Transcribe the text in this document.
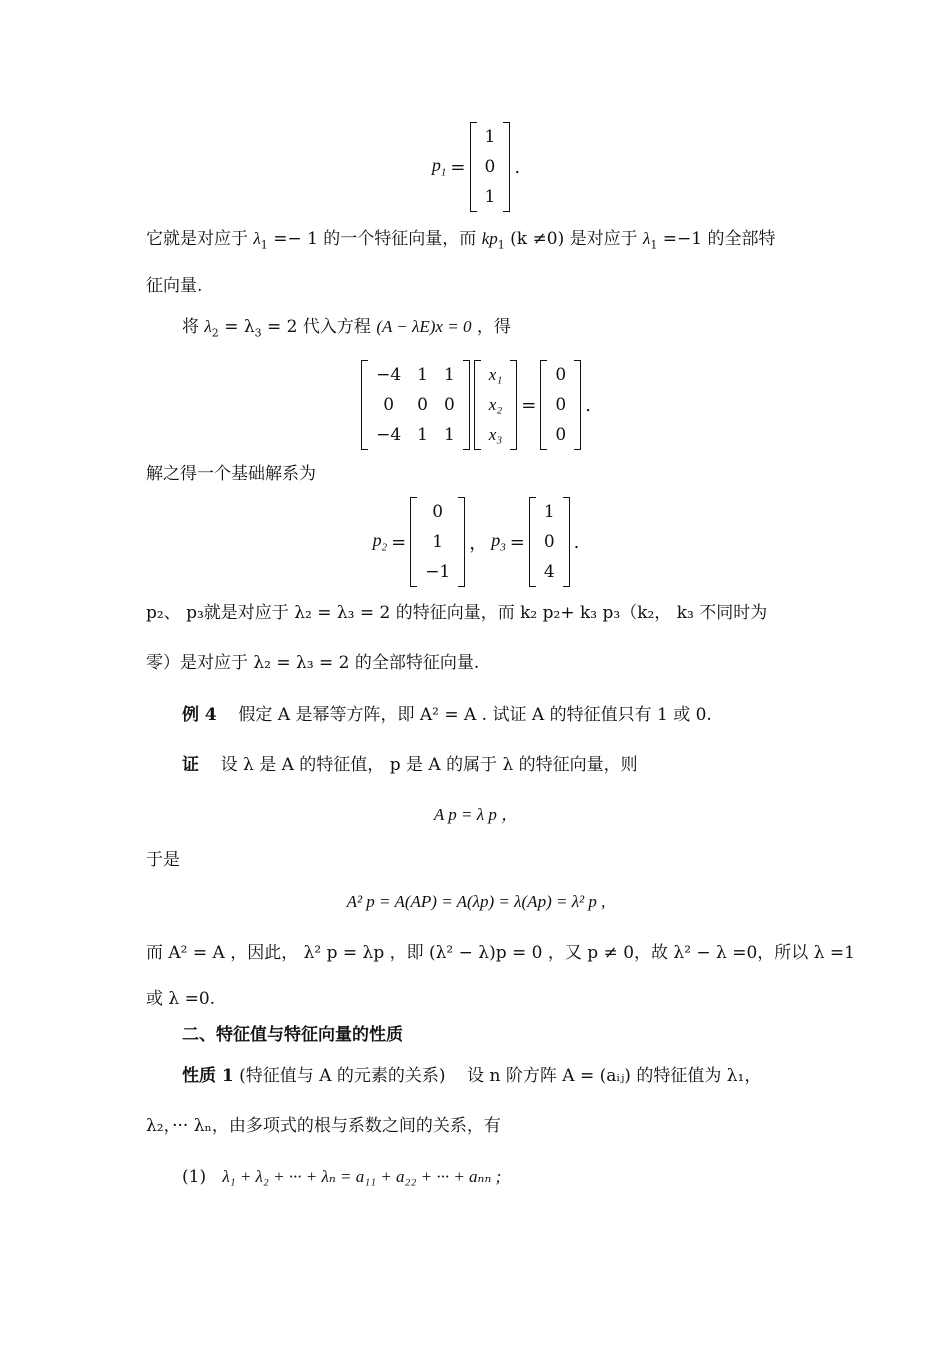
$p_1$ =
1
0
1
.
它就是对应于 $\lambda_1 =- 1$ 的一个特征向量，而 $kp_1$ (k ≠0) 是对应于 $\lambda_1 =-1$ 的全部特
征向量.
将 $\lambda_2 = \lambda_3 = 2$ 代入方程 (A − λE)x = 0 ，得
−4	1	1
0	0	0
−4	1	1
x₁
x₂
x₃
=
0
0
0
.
解之得一个基础解系为
$p_2$ =
0
1
−1
， $p_3$ =
1
0
4
.
p₂、 p₃就是对应于 λ₂ = λ₃ = 2 的特征向量，而 k₂ p₂+ k₃ p₃（k₂， k₃ 不同时为
零）是对应于 λ₂ = λ₃ = 2 的全部特征向量.
例 4 假定 A 是幂等方阵，即 A² = A . 试证 A 的特征值只有 1 或 0.
证 设 λ 是 A 的特征值， p 是 A 的属于 λ 的特征向量，则
A p = λ p ，
于是
A² p = A(AP) = A(λp) = λ(Ap) = λ² p ,
而 A² = A ，因此， λ² p = λp ，即 (λ² − λ)p = 0 ，又 p ≠ 0，故 λ² − λ =0，所以 λ =1
或 λ =0.
二、特征值与特征向量的性质
性质 1 (特征值与 A 的元素的关系) 设 n 阶方阵 A = (aᵢⱼ) 的特征值为 λ₁，
λ₂，··· λₙ，由多项式的根与系数之间的关系，有
(1) λ₁ + λ₂ + ··· + λₙ = a₁₁ + a₂₂ + ··· + aₙₙ ;
